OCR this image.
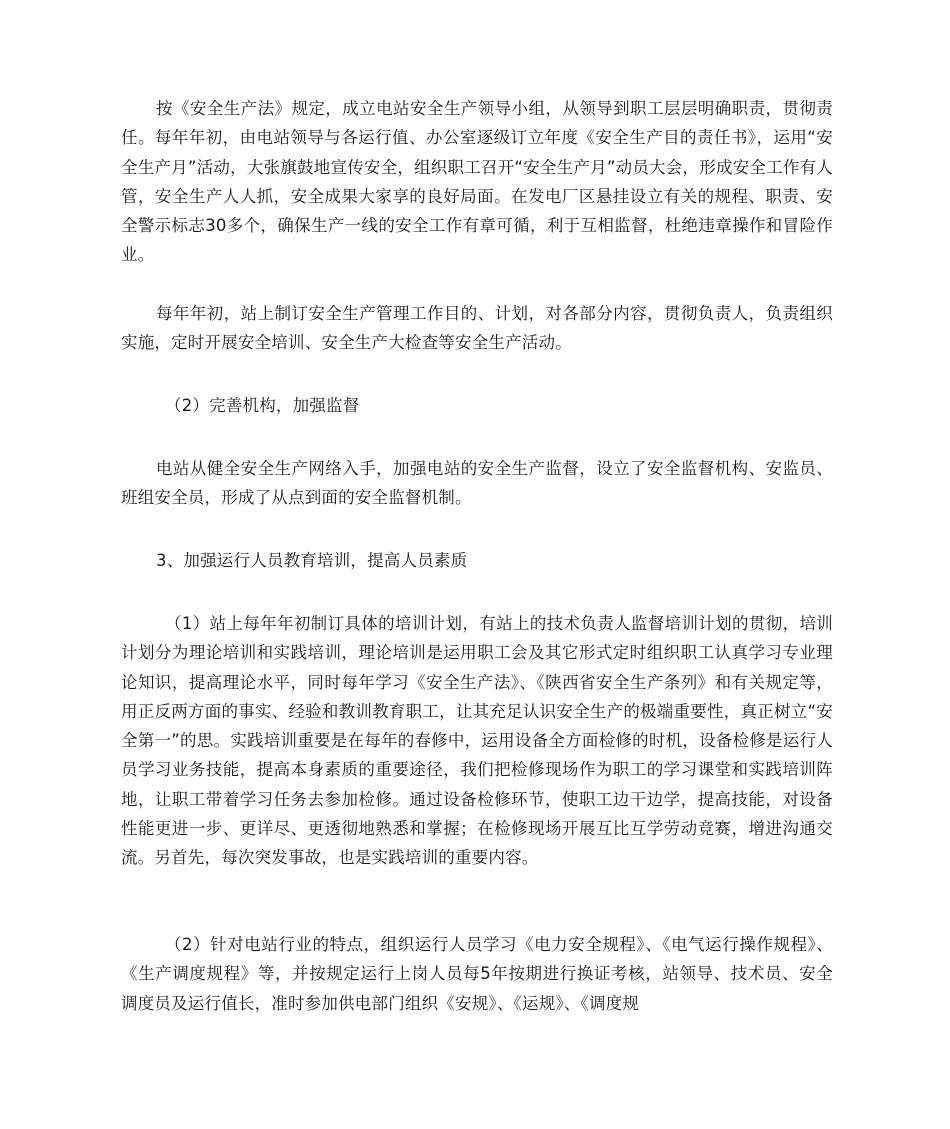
按《安全生产法》规定，成立电站安全生产领导小组，从领导到职工层层明确职责，贯彻责任。每年年初，由电站领导与各运行值、办公室逐级订立年度《安全生产目的责任书》，运用“安全生产月”活动，大张旗鼓地宣传安全，组织职工召开“安全生产月”动员大会，形成安全工作有人管，安全生产人人抓，安全成果大家享的良好局面。在发电厂区悬挂设立有关的规程、职责、安全警示标志30多个，确保生产一线的安全工作有章可循，利于互相监督，杜绝违章操作和冒险作业。

每年年初，站上制订安全生产管理工作目的、计划，对各部分内容，贯彻负责人，负责组织实施，定时开展安全培训、安全生产大检查等安全生产活动。

（2）完善机构，加强监督

电站从健全安全生产网络入手，加强电站的安全生产监督，设立了安全监督机构、安监员、班组安全员，形成了从点到面的安全监督机制。

3、加强运行人员教育培训，提高人员素质

（1）站上每年年初制订具体的培训计划，有站上的技术负责人监督培训计划的贯彻，培训计划分为理论培训和实践培训，理论培训是运用职工会及其它形式定时组织职工认真学习专业理论知识，提高理论水平，同时每年学习《安全生产法》、《陕西省安全生产条列》和有关规定等，用正反两方面的事实、经验和教训教育职工，让其充足认识安全生产的极端重要性，真正树立“安全第一”的思。实践培训重要是在每年的春修中，运用设备全方面检修的时机，设备检修是运行人员学习业务技能，提高本身素质的重要途径，我们把检修现场作为职工的学习课堂和实践培训阵地，让职工带着学习任务去参加检修。通过设备检修环节，使职工边干边学，提高技能，对设备性能更进一步、更详尽、更透彻地熟悉和掌握；在检修现场开展互比互学劳动竞赛，增进沟通交流。另首先，每次突发事故，也是实践培训的重要内容。

（2）针对电站行业的特点，组织运行人员学习《电力安全规程》、《电气运行操作规程》、《生产调度规程》等，并按规定运行上岗人员每5年按期进行换证考核，站领导、技术员、安全调度员及运行值长，准时参加供电部门组织《安规》、《运规》、《调度规
